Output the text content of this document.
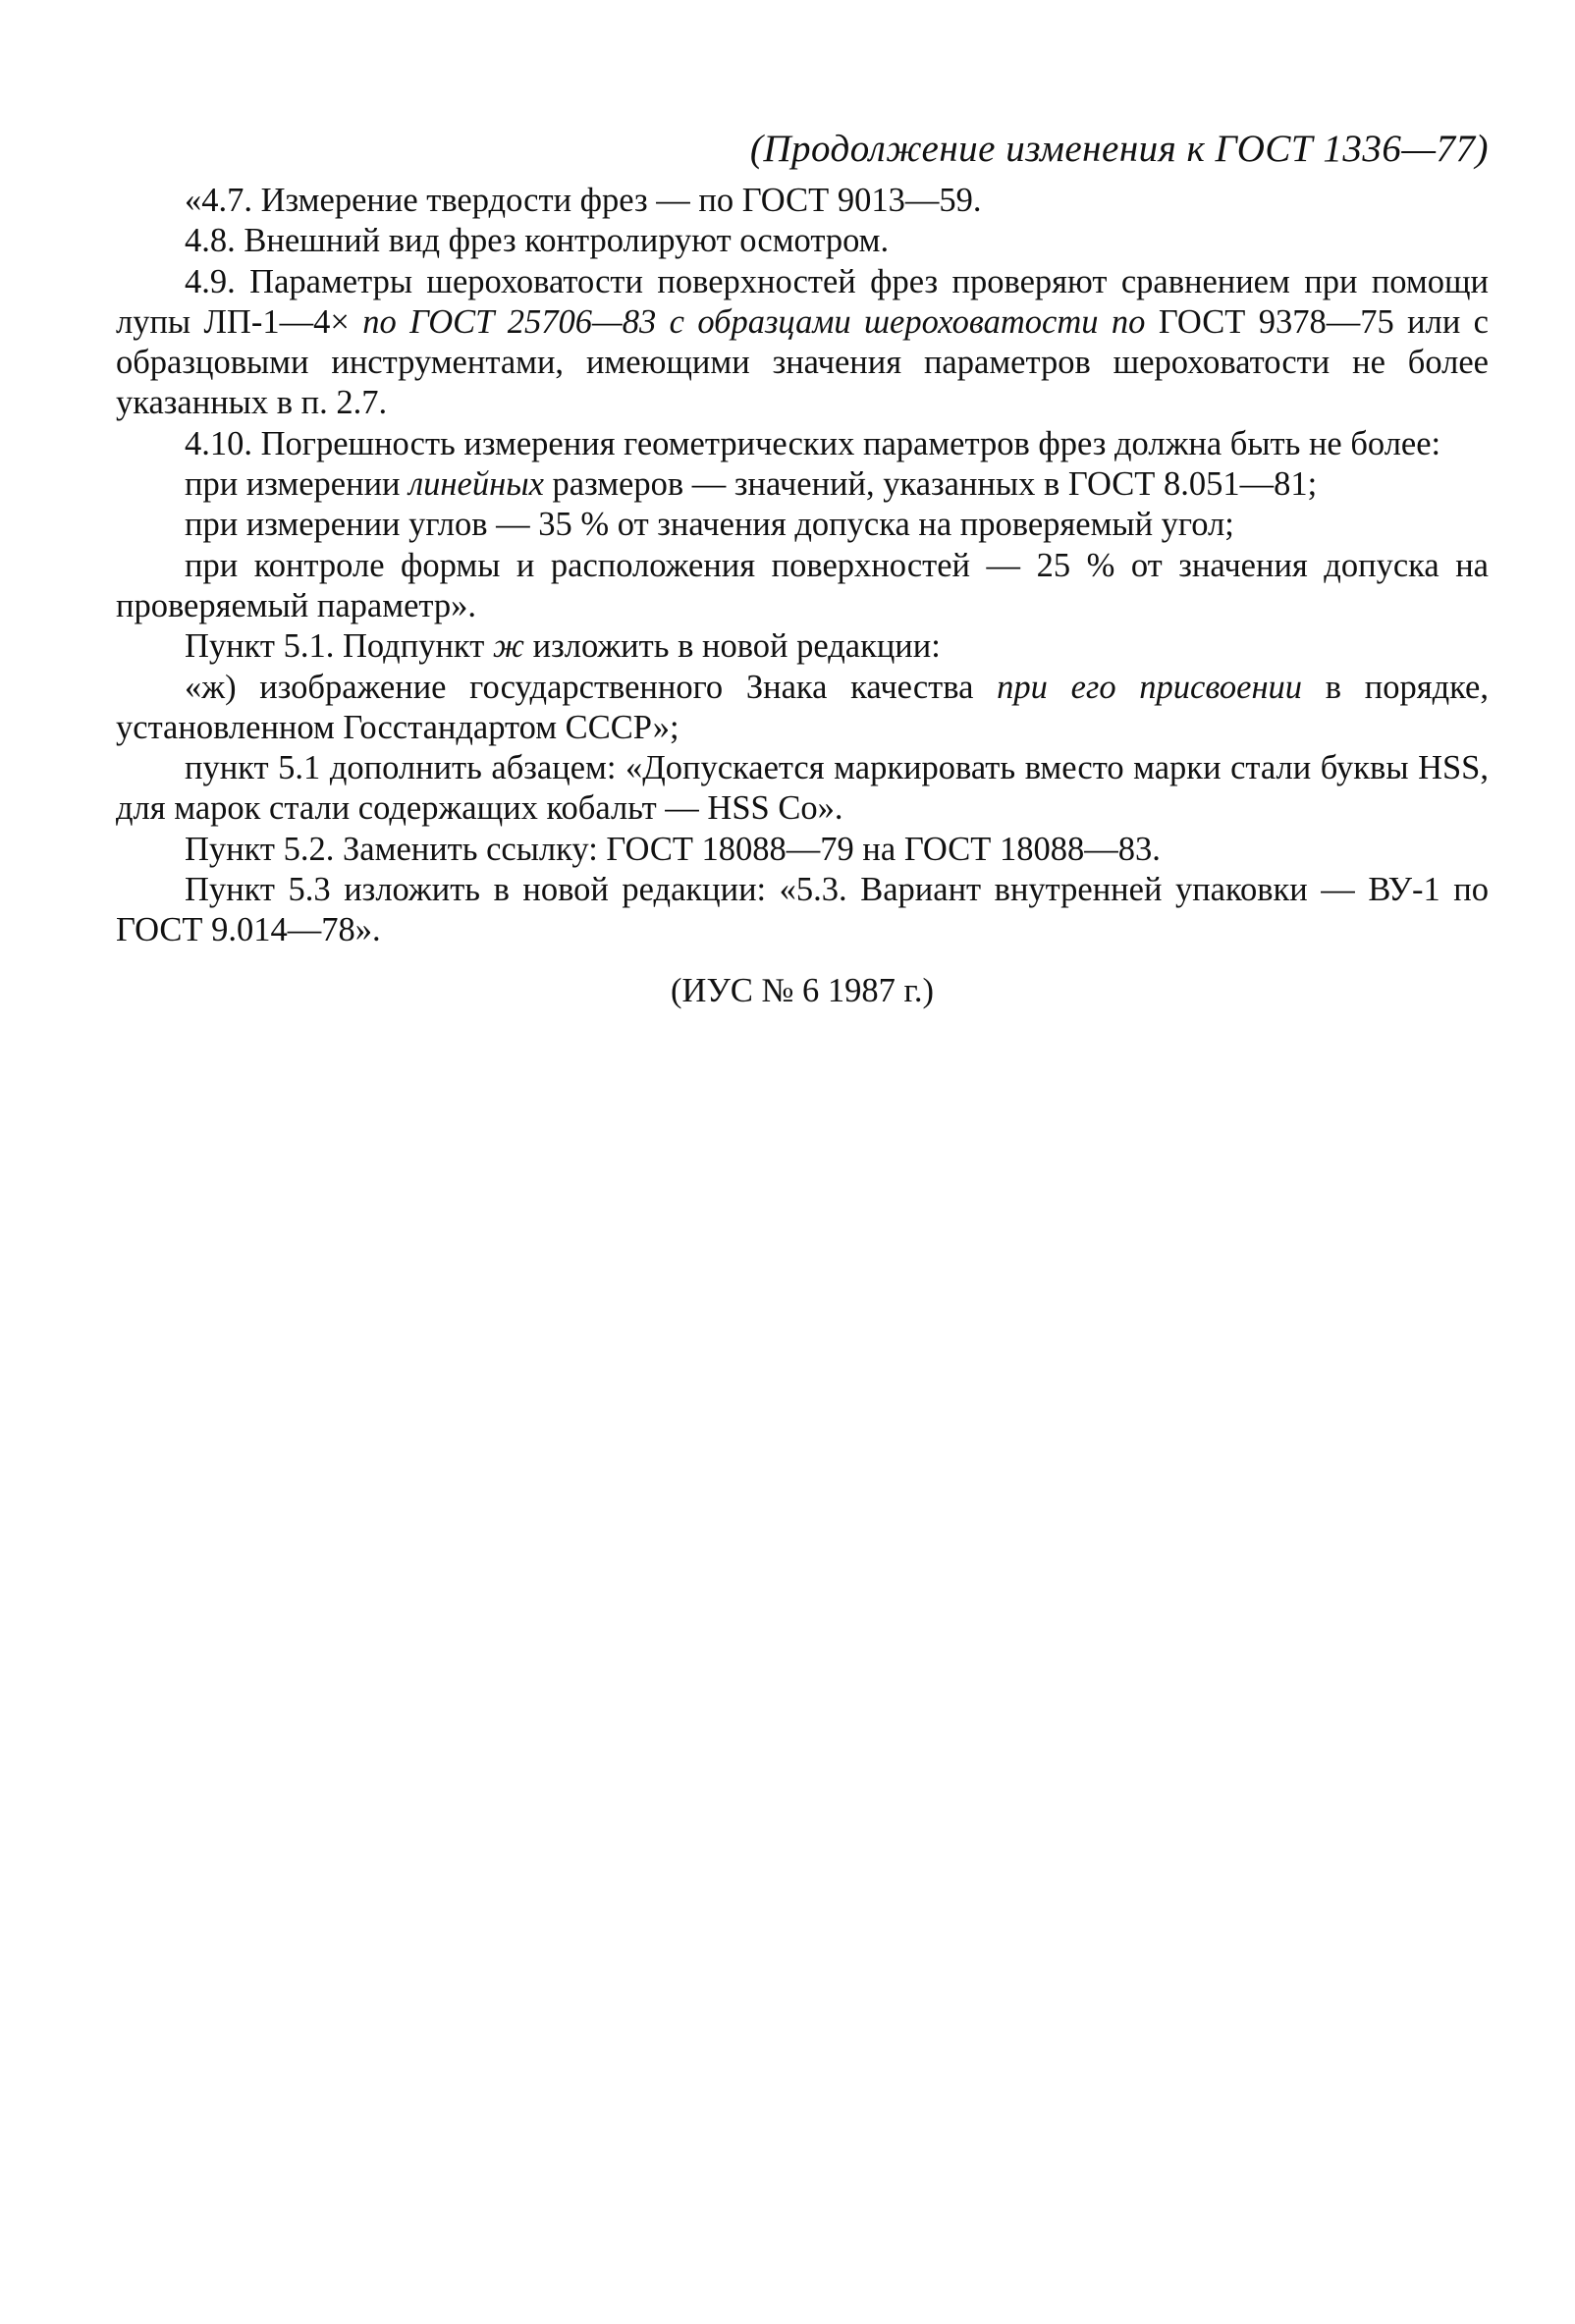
(Продолжение изменения к ГОСТ 1336—77)

«4.7. Измерение твердости фрез — по ГОСТ 9013—59.

4.8. Внешний вид фрез контролируют осмотром.

4.9. Параметры шероховатости поверхностей фрез проверяют сравнением при помощи лупы ЛП-1—4× по ГОСТ 25706—83 с образцами шероховатости по ГОСТ 9378—75 или с образцовыми инструментами, имеющими значения параметров шероховатости не более указанных в п. 2.7.

4.10. Погрешность измерения геометрических параметров фрез должна быть не более:

при измерении линейных размеров — значений, указанных в ГОСТ 8.051—81;

при измерении углов — 35 % от значения допуска на проверяемый угол;

при контроле формы и расположения поверхностей — 25 % от значения допуска на проверяемый параметр».

Пункт 5.1. Подпункт ж изложить в новой редакции:

«ж) изображение государственного Знака качества при его присвоении в порядке, установленном Госстандартом СССР»;

пункт 5.1 дополнить абзацем: «Допускается маркировать вместо марки стали буквы HSS, для марок стали содержащих кобальт — HSS Co».

Пункт 5.2. Заменить ссылку: ГОСТ 18088—79 на ГОСТ 18088—83.

Пункт 5.3 изложить в новой редакции: «5.3. Вариант внутренней упаковки — ВУ-1 по ГОСТ 9.014—78».

(ИУС № 6 1987 г.)
